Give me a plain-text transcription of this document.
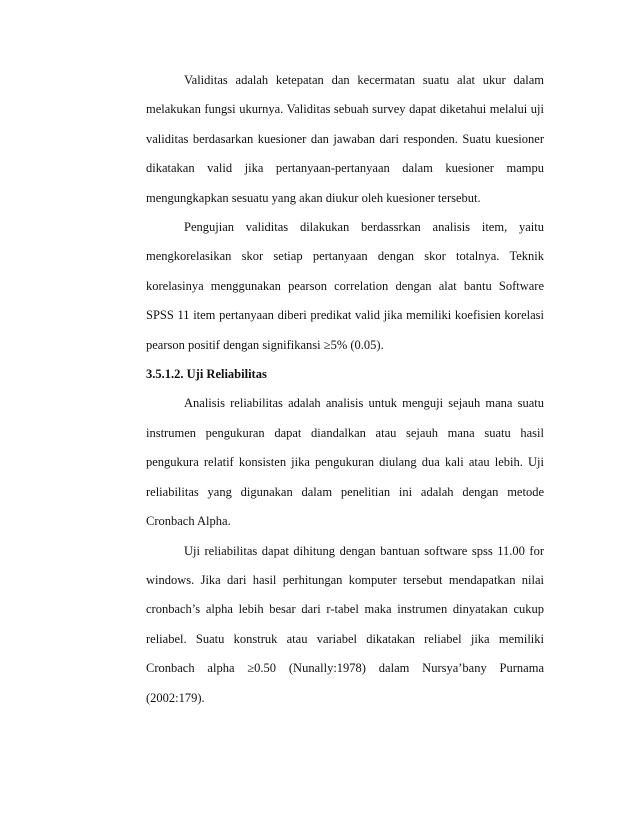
Validitas adalah ketepatan dan kecermatan suatu alat ukur dalam melakukan fungsi ukurnya. Validitas sebuah survey dapat diketahui melalui uji validitas berdasarkan kuesioner dan jawaban dari responden. Suatu kuesioner dikatakan valid jika pertanyaan-pertanyaan dalam kuesioner mampu mengungkapkan sesuatu yang akan diukur oleh kuesioner tersebut.

Pengujian validitas dilakukan berdassrkan analisis item, yaitu mengkorelasikan skor setiap pertanyaan dengan skor totalnya. Teknik korelasinya menggunakan pearson correlation dengan alat bantu Software SPSS 11 item pertanyaan diberi predikat valid jika memiliki koefisien korelasi pearson positif dengan signifikansi ≥5% (0.05).

3.5.1.2. Uji Reliabilitas

Analisis reliabilitas adalah analisis untuk menguji sejauh mana suatu instrumen pengukuran dapat diandalkan atau sejauh mana suatu hasil pengukura relatif konsisten jika pengukuran diulang dua kali atau lebih. Uji reliabilitas yang digunakan dalam penelitian ini adalah dengan metode Cronbach Alpha.

Uji reliabilitas dapat dihitung dengan bantuan software spss 11.00 for windows. Jika dari hasil perhitungan komputer tersebut mendapatkan nilai cronbach’s alpha lebih besar dari r-tabel maka instrumen dinyatakan cukup reliabel. Suatu konstruk atau variabel dikatakan reliabel jika memiliki Cronbach alpha ≥0.50 (Nunally:1978) dalam Nursya’bany Purnama (2002:179).
